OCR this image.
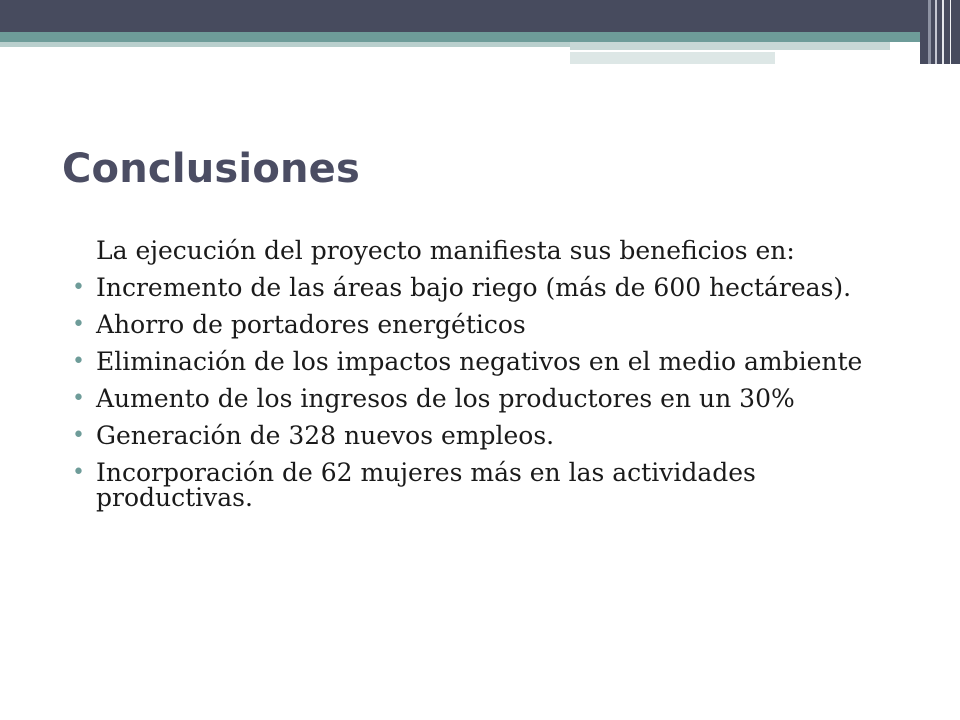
Conclusiones

La ejecución del proyecto manifiesta sus beneficios en:

• Incremento de las áreas bajo riego (más de 600 hectáreas).
• Ahorro de portadores energéticos
• Eliminación de los impactos negativos en el medio ambiente
• Aumento de los ingresos de los productores en un 30%
• Generación de 328 nuevos empleos.
• Incorporación de 62 mujeres más en las actividades productivas.
